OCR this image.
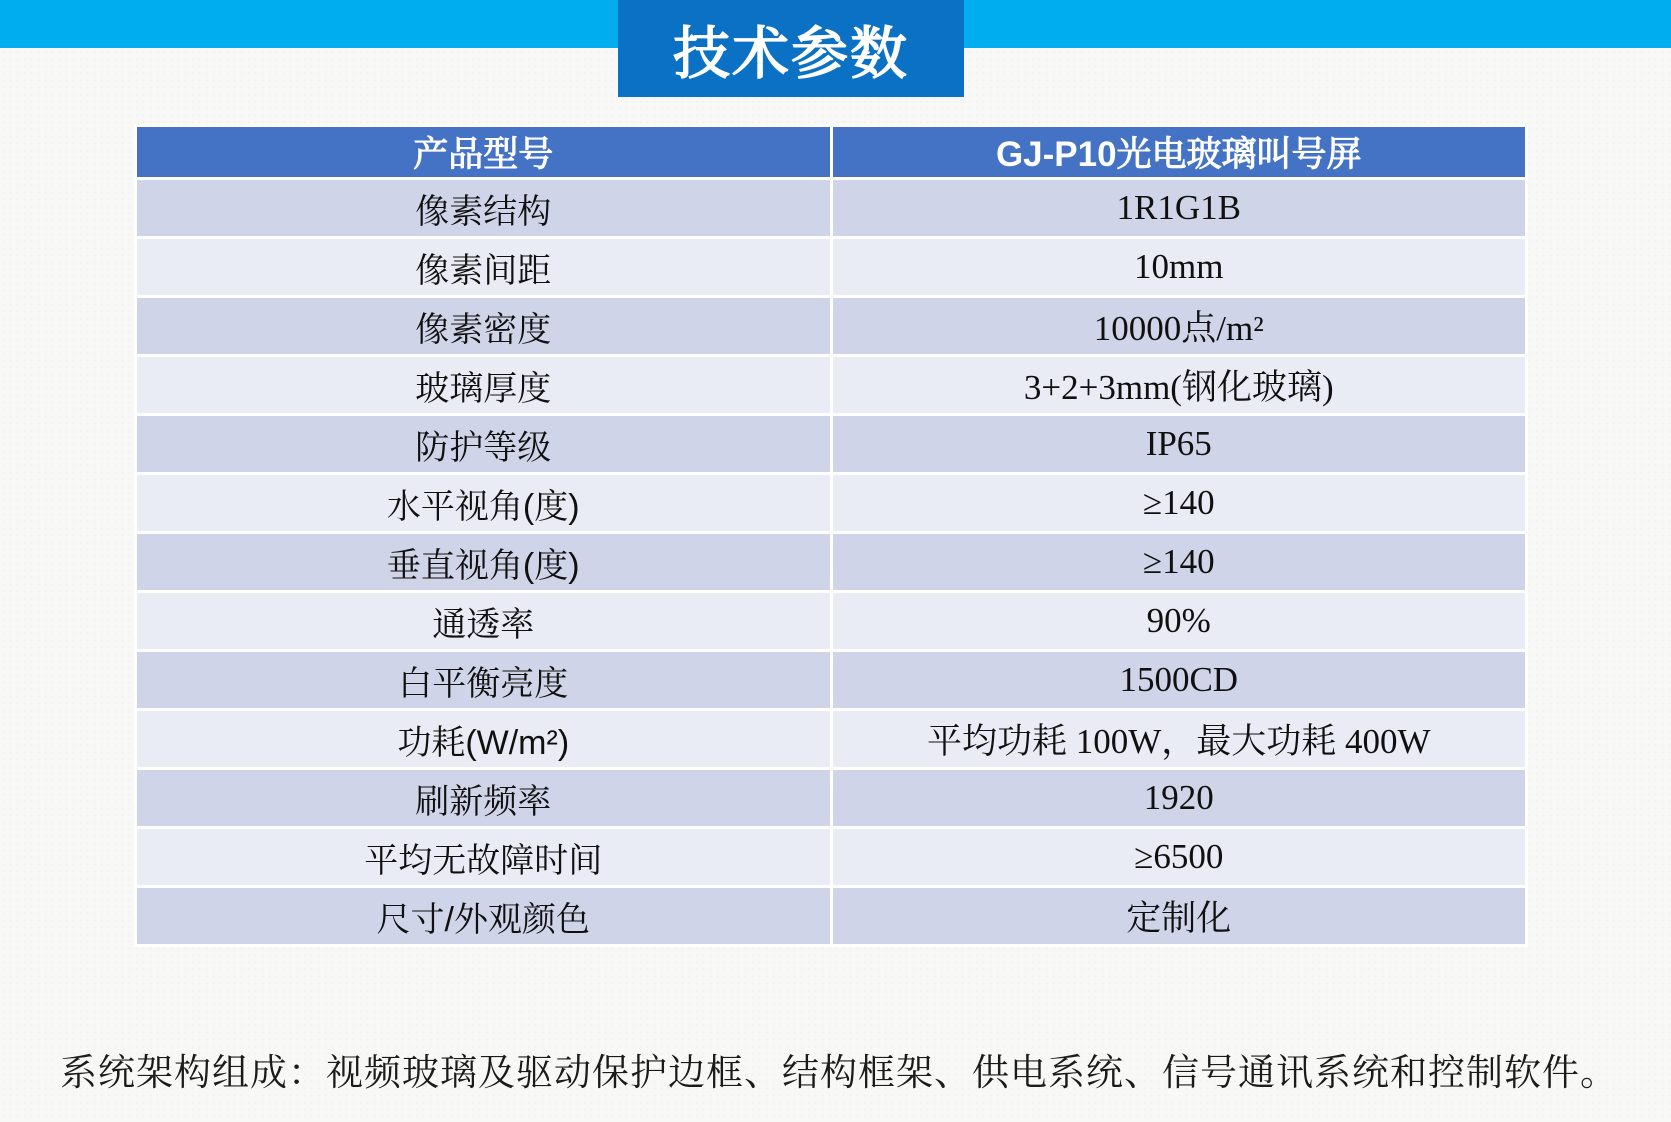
技术参数
产品型号	GJ-P10光电玻璃叫号屏
像素结构	1R1G1B
像素间距	10mm
像素密度	10000点/m²
玻璃厚度	3+2+3mm(钢化玻璃)
防护等级	IP65
水平视角(度)	≥140
垂直视角(度)	≥140
通透率	90%
白平衡亮度	1500CD
功耗(W/m²)	平均功耗 100W，最大功耗 400W
刷新频率	1920
平均无故障时间	≥6500
尺寸/外观颜色	定制化
系统架构组成：视频玻璃及驱动保护边框、结构框架、供电系统、信号通讯系统和控制软件。
